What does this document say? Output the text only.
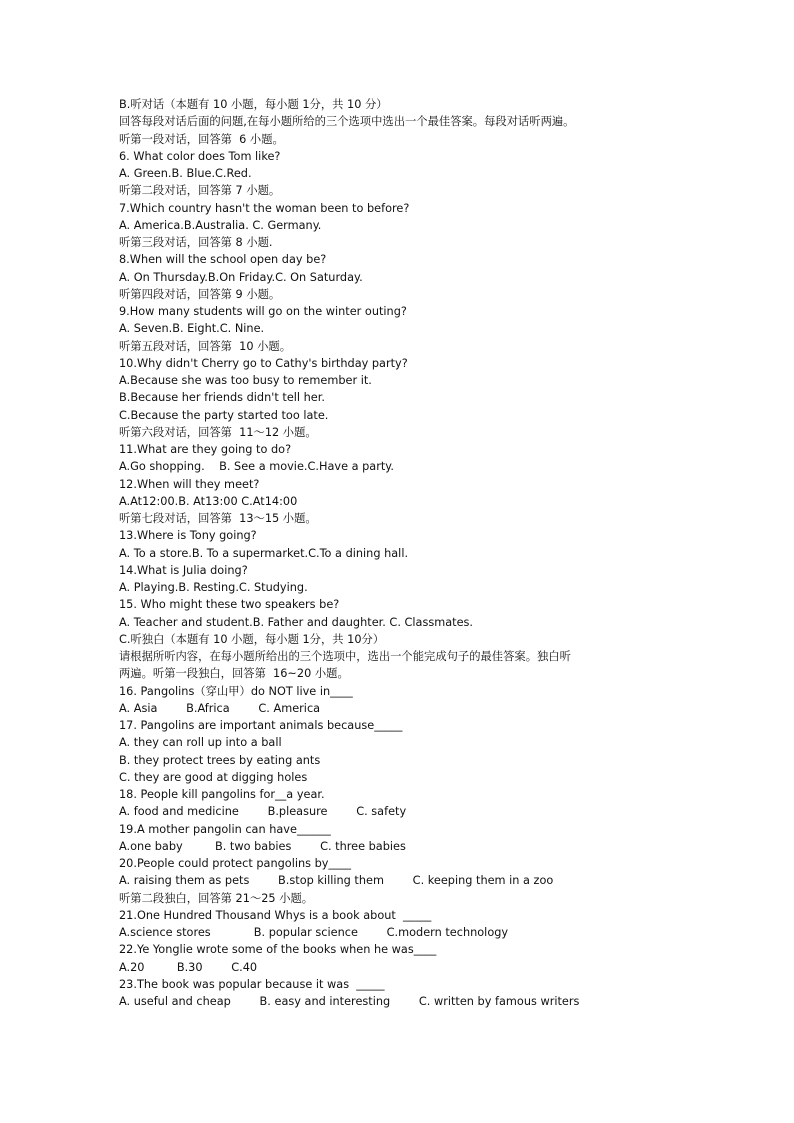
B.听对话（本题有 10 小题，每小题 1分，共 10 分）
回答每段对话后面的问题,在每小题所给的三个选项中选出一个最佳答案。每段对话听两遍。
听第一段对话，回答第  6 小题。
6. What color does Tom like?
A. Green.B. Blue.C.Red.
听第二段对话，回答第 7 小题。
7.Which country hasn't the woman been to before?
A. America.B.Australia. C. Germany.
听第三段对话，回答第 8 小题.
8.When will the school open day be?
A. On Thursday.B.On Friday.C. On Saturday.
听第四段对话，回答第 9 小题。
9.How many students will go on the winter outing?
A. Seven.B. Eight.C. Nine.
听第五段对话，回答第  10 小题。
10.Why didn't Cherry go to Cathy's birthday party?
A.Because she was too busy to remember it.
B.Because her friends didn't tell her.
C.Because the party started too late.
听第六段对话，回答第  11～12 小题。
11.What are they going to do?
A.Go shopping.    B. See a movie.C.Have a party.
12.When will they meet?
A.At12:00.B. At13:00 C.At14:00
听第七段对话，回答第  13～15 小题。
13.Where is Tony going?
A. To a store.B. To a supermarket.C.To a dining hall.
14.What is Julia doing?
A. Playing.B. Resting.C. Studying.
15. Who might these two speakers be?
A. Teacher and student.B. Father and daughter. C. Classmates.
C.听独白（本题有 10 小题，每小题 1分，共 10分）
请根据所听内容，在每小题所给出的三个选项中，选出一个能完成句子的最佳答案。独白听
两遍。听第一段独白，回答第  16~20 小题。
16. Pangolins（穿山甲）do NOT live in____
A. Asia        B.Africa        C. America
17. Pangolins are important animals because_____
A. they can roll up into a ball
B. they protect trees by eating ants
C. they are good at digging holes
18. People kill pangolins for__a year.
A. food and medicine        B.pleasure        C. safety
19.A mother pangolin can have______
A.one baby         B. two babies        C. three babies
20.People could protect pangolins by____
A. raising them as pets        B.stop killing them        C. keeping them in a zoo
听第二段独白，回答第 21～25 小题。
21.One Hundred Thousand Whys is a book about  _____
A.science stores            B. popular science        C.modern technology
22.Ye Yonglie wrote some of the books when he was____
A.20         B.30        C.40
23.The book was popular because it was  _____
A. useful and cheap        B. easy and interesting        C. written by famous writers
